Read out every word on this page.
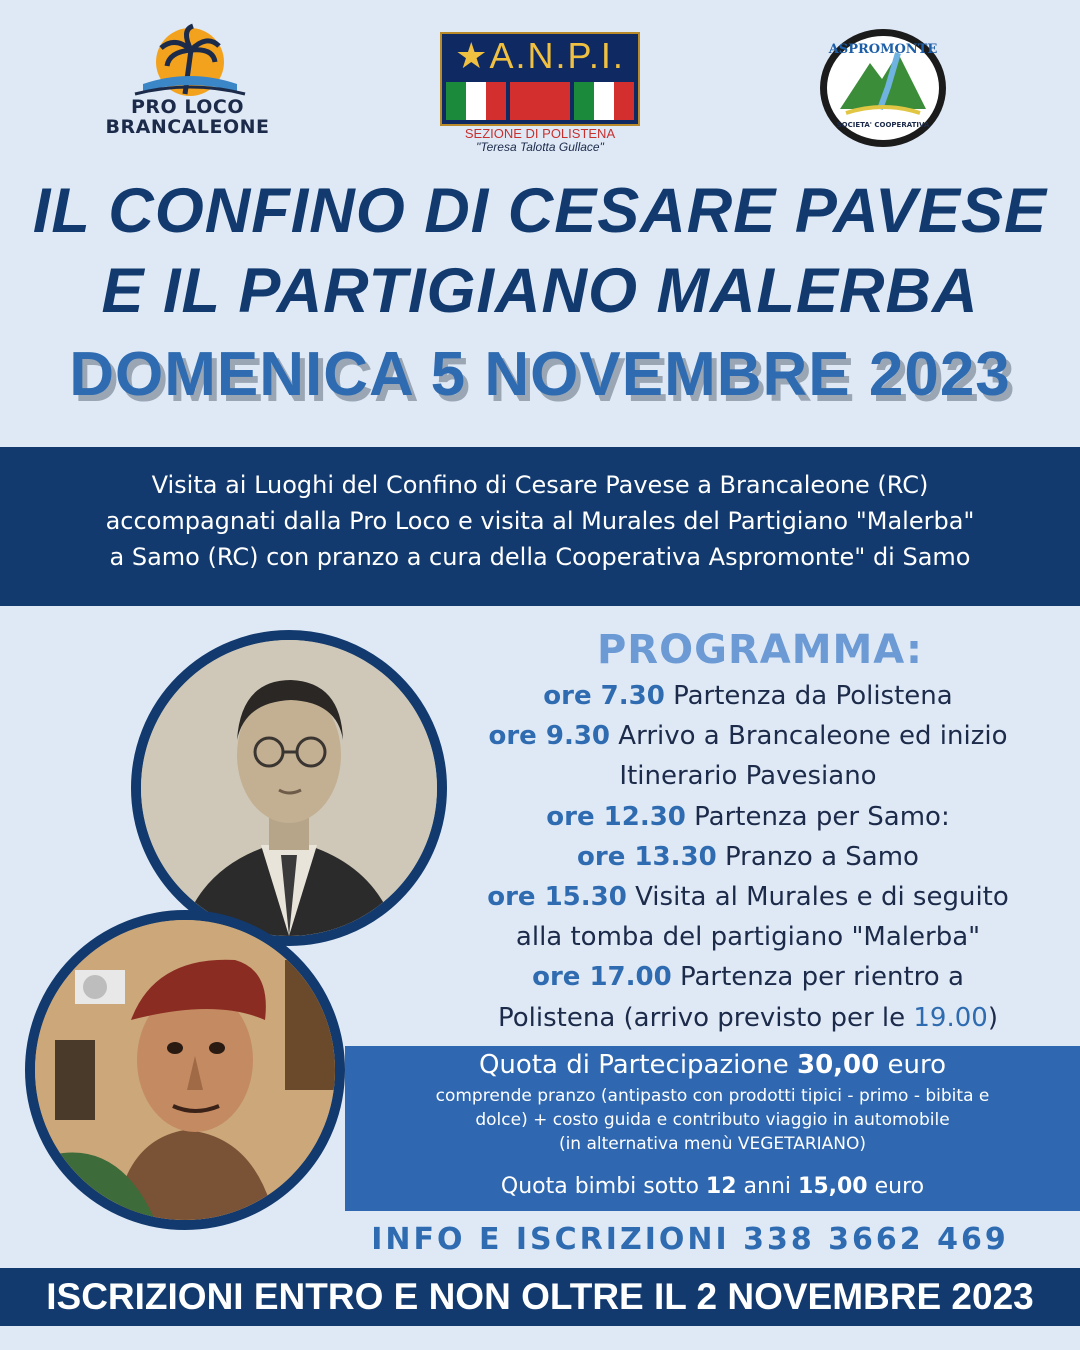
PRO LOCO
BRANCALEONE
★A.N.P.I.
SEZIONE DI POLISTENA
"Teresa Talotta Gullace"
ASPROMONTE
SOCIETA' COOPERATIVA
IL CONFINO DI CESARE PAVESE
E IL PARTIGIANO MALERBA
DOMENICA 5 NOVEMBRE 2023
Visita ai Luoghi del Confino di Cesare Pavese a Brancaleone (RC)
accompagnati dalla Pro Loco e visita al Murales del Partigiano "Malerba"
a Samo (RC) con pranzo a cura della Cooperativa Aspromonte" di Samo
PROGRAMMA:
ore 7.30 Partenza da Polistena
ore 9.30 Arrivo a Brancaleone ed inizio
Itinerario Pavesiano
ore 12.30 Partenza per Samo:
ore 13.30 Pranzo a Samo
ore 15.30 Visita al Murales e di seguito
alla tomba del partigiano "Malerba"
ore 17.00 Partenza per rientro a
Polistena (arrivo previsto per le 19.00)
Quota di Partecipazione 30,00 euro
comprende pranzo (antipasto con prodotti tipici - primo - bibita e
dolce) + costo guida e contributo viaggio in automobile
(in alternativa menù VEGETARIANO)
Quota bimbi sotto 12 anni 15,00 euro
INFO E ISCRIZIONI 338 3662 469
ISCRIZIONI ENTRO E NON OLTRE IL 2 NOVEMBRE 2023
